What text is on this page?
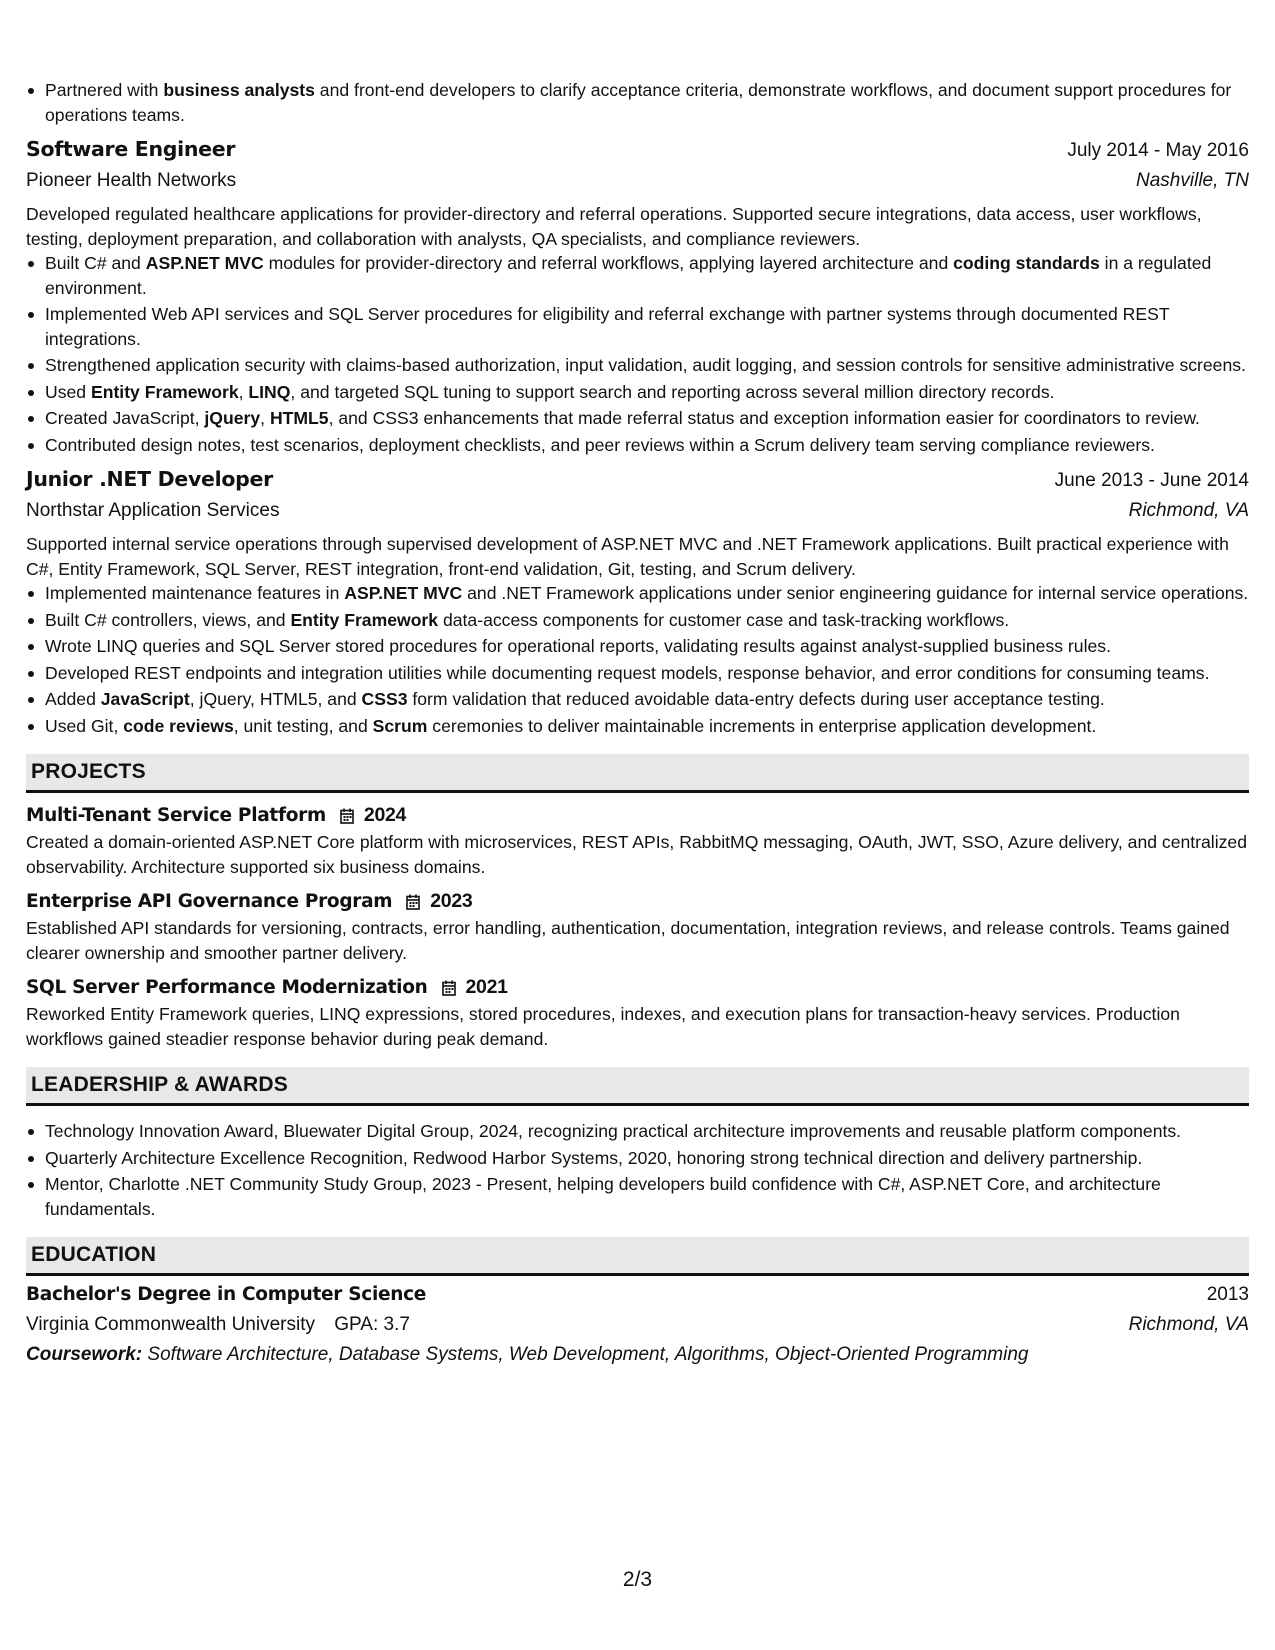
Partnered with business analysts and front-end developers to clarify acceptance criteria, demonstrate workflows, and document support procedures for operations teams.
Software Engineer	July 2014 - May 2016
Pioneer Health Networks	Nashville, TN
Developed regulated healthcare applications for provider-directory and referral operations. Supported secure integrations, data access, user workflows, testing, deployment preparation, and collaboration with analysts, QA specialists, and compliance reviewers.
Built C# and ASP.NET MVC modules for provider-directory and referral workflows, applying layered architecture and coding standards in a regulated environment.
Implemented Web API services and SQL Server procedures for eligibility and referral exchange with partner systems through documented REST integrations.
Strengthened application security with claims-based authorization, input validation, audit logging, and session controls for sensitive administrative screens.
Used Entity Framework, LINQ, and targeted SQL tuning to support search and reporting across several million directory records.
Created JavaScript, jQuery, HTML5, and CSS3 enhancements that made referral status and exception information easier for coordinators to review.
Contributed design notes, test scenarios, deployment checklists, and peer reviews within a Scrum delivery team serving compliance reviewers.
Junior .NET Developer	June 2013 - June 2014
Northstar Application Services	Richmond, VA
Supported internal service operations through supervised development of ASP.NET MVC and .NET Framework applications. Built practical experience with C#, Entity Framework, SQL Server, REST integration, front-end validation, Git, testing, and Scrum delivery.
Implemented maintenance features in ASP.NET MVC and .NET Framework applications under senior engineering guidance for internal service operations.
Built C# controllers, views, and Entity Framework data-access components for customer case and task-tracking workflows.
Wrote LINQ queries and SQL Server stored procedures for operational reports, validating results against analyst-supplied business rules.
Developed REST endpoints and integration utilities while documenting request models, response behavior, and error conditions for consuming teams.
Added JavaScript, jQuery, HTML5, and CSS3 form validation that reduced avoidable data-entry defects during user acceptance testing.
Used Git, code reviews, unit testing, and Scrum ceremonies to deliver maintainable increments in enterprise application development.
PROJECTS
Multi-Tenant Service Platform 2024
Created a domain-oriented ASP.NET Core platform with microservices, REST APIs, RabbitMQ messaging, OAuth, JWT, SSO, Azure delivery, and centralized observability. Architecture supported six business domains.
Enterprise API Governance Program 2023
Established API standards for versioning, contracts, error handling, authentication, documentation, integration reviews, and release controls. Teams gained clearer ownership and smoother partner delivery.
SQL Server Performance Modernization 2021
Reworked Entity Framework queries, LINQ expressions, stored procedures, indexes, and execution plans for transaction-heavy services. Production workflows gained steadier response behavior during peak demand.
LEADERSHIP & AWARDS
Technology Innovation Award, Bluewater Digital Group, 2024, recognizing practical architecture improvements and reusable platform components.
Quarterly Architecture Excellence Recognition, Redwood Harbor Systems, 2020, honoring strong technical direction and delivery partnership.
Mentor, Charlotte .NET Community Study Group, 2023 - Present, helping developers build confidence with C#, ASP.NET Core, and architecture fundamentals.
EDUCATION
Bachelor's Degree in Computer Science	2013
Virginia Commonwealth University GPA: 3.7	Richmond, VA
Coursework: Software Architecture, Database Systems, Web Development, Algorithms, Object-Oriented Programming
2/3
